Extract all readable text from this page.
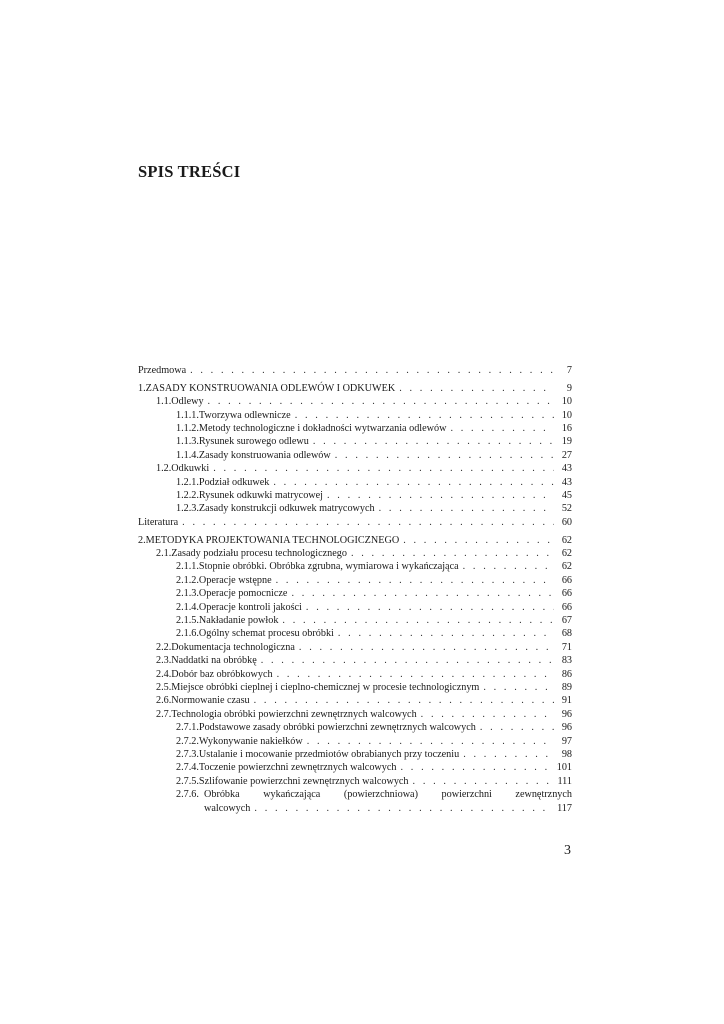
SPIS TREŚCI
Przedmowa . . .	7
1. ZASADY KONSTRUOWANIA ODLEWÓW I ODKUWEK . . .	9
1.1. Odlewy . . .	10
1.1.1. Tworzywa odlewnicze . . .	10
1.1.2. Metody technologiczne i dokładności wytwarzania odlewów . . .	16
1.1.3. Rysunek surowego odlewu . . .	19
1.1.4. Zasady konstruowania odlewów . . .	27
1.2. Odkuwki . . .	43
1.2.1. Podział odkuwek . . .	43
1.2.2. Rysunek odkuwki matrycowej . . .	45
1.2.3. Zasady konstrukcji odkuwek matrycowych . . .	52
Literatura . . .	60
2. METODYKA PROJEKTOWANIA TECHNOLOGICZNEGO . . .	62
2.1. Zasady podziału procesu technologicznego . . .	62
2.1.1. Stopnie obróbki. Obróbka zgrubna, wymiarowa i wykańczająca . . .	62
2.1.2. Operacje wstępne . . .	66
2.1.3. Operacje pomocnicze . . .	66
2.1.4. Operacje kontroli jakości . . .	66
2.1.5. Nakładanie powłok . . .	67
2.1.6. Ogólny schemat procesu obróbki . . .	68
2.2. Dokumentacja technologiczna . . .	71
2.3. Naddatki na obróbkę . . .	83
2.4. Dobór baz obróbkowych . . .	86
2.5. Miejsce obróbki cieplnej i cieplno-chemicznej w procesie technologicznym . . .	89
2.6. Normowanie czasu . . .	91
2.7. Technologia obróbki powierzchni zewnętrznych walcowych . . .	96
2.7.1. Podstawowe zasady obróbki powierzchni zewnętrznych walcowych . . .	96
2.7.2. Wykonywanie nakiełków . . .	97
2.7.3. Ustalanie i mocowanie przedmiotów obrabianych przy toczeniu . . .	98
2.7.4. Toczenie powierzchni zewnętrznych walcowych . . .	101
2.7.5. Szlifowanie powierzchni zewnętrznych walcowych . . .	111
2.7.6. Obróbka wykańczająca (powierzchniowa) powierzchni zewnętrznych
walcowych . . .	117
3
